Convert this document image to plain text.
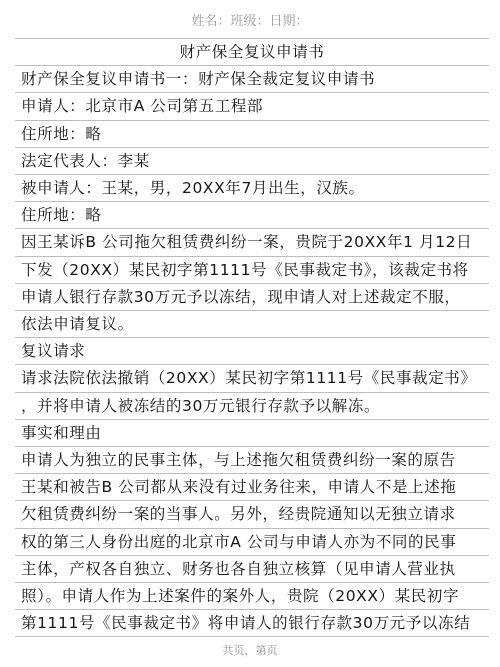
姓名：班级：日期：
财产保全复议申请书
财产保全复议申请书一：财产保全裁定复议申请书
申请人：北京市A 公司第五工程部
住所地：略
法定代表人：李某
被申请人：王某，男，20XX年7月出生，汉族。
住所地：略
因王某诉B 公司拖欠租赁费纠纷一案，贵院于20XX年1 月12日
下发（20XX）某民初字第1111号《民事裁定书》，该裁定书将
申请人银行存款30万元予以冻结，现申请人对上述裁定不服，
依法申请复议。
复议请求
请求法院依法撤销（20XX）某民初字第1111号《民事裁定书》
，并将申请人被冻结的30万元银行存款予以解冻。
事实和理由
申请人为独立的民事主体，与上述拖欠租赁费纠纷一案的原告
王某和被告B 公司都从来没有过业务往来，申请人不是上述拖
欠租赁费纠纷一案的当事人。另外，经贵院通知以无独立请求
权的第三人身份出庭的北京市A 公司与申请人亦为不同的民事
主体，产权各自独立、财务也各自独立核算（见申请人营业执
照）。申请人作为上述案件的案外人，贵院（20XX）某民初字
第1111号《民事裁定书》将申请人的银行存款30万元予以冻结
共页，第页
